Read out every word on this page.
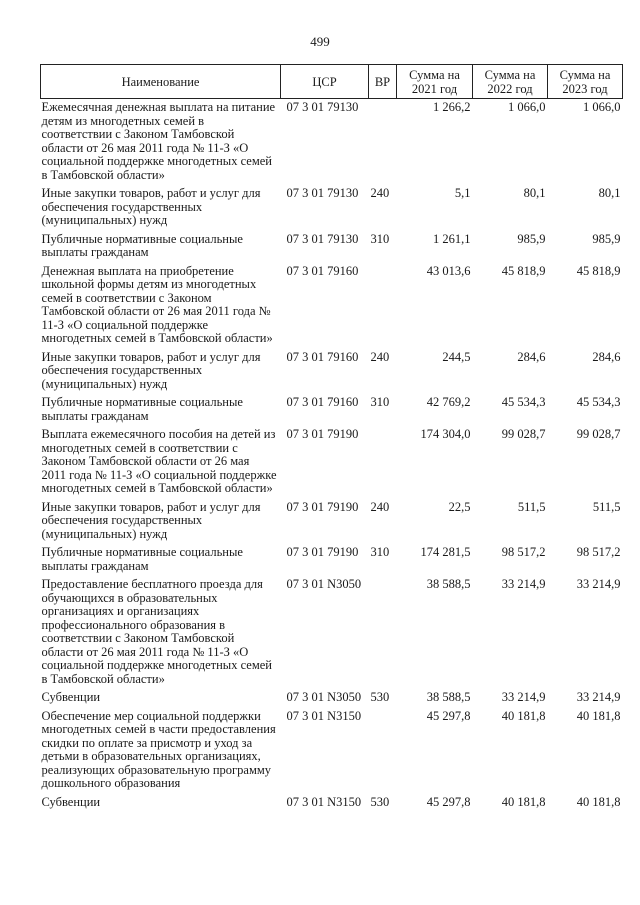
499
Наименование	ЦСР	ВР	Сумма на 2021 год	Сумма на 2022 год	Сумма на 2023 год
Ежемесячная денежная выплата на питание детям из многодетных семей в соответствии с Законом Тамбовской области от 26 мая 2011 года № 11-З «О социальной поддержке многодетных семей в Тамбовской области»	07 3 01 79130		1 266,2	1 066,0	1 066,0
Иные закупки товаров, работ и услуг для обеспечения государственных (муниципальных) нужд	07 3 01 79130	240	5,1	80,1	80,1
Публичные нормативные социальные выплаты гражданам	07 3 01 79130	310	1 261,1	985,9	985,9
Денежная выплата на приобретение школьной формы детям из многодетных семей в соответствии с Законом Тамбовской области от 26 мая 2011 года № 11-З «О социальной поддержке многодетных семей в Тамбовской области»	07 3 01 79160		43 013,6	45 818,9	45 818,9
Иные закупки товаров, работ и услуг для обеспечения государственных (муниципальных) нужд	07 3 01 79160	240	244,5	284,6	284,6
Публичные нормативные социальные выплаты гражданам	07 3 01 79160	310	42 769,2	45 534,3	45 534,3
Выплата ежемесячного пособия на детей из многодетных семей в соответствии с Законом Тамбовской области от 26 мая 2011 года № 11-З «О социальной поддержке многодетных семей в Тамбовской области»	07 3 01 79190		174 304,0	99 028,7	99 028,7
Иные закупки товаров, работ и услуг для обеспечения государственных (муниципальных) нужд	07 3 01 79190	240	22,5	511,5	511,5
Публичные нормативные социальные выплаты гражданам	07 3 01 79190	310	174 281,5	98 517,2	98 517,2
Предоставление бесплатного проезда для обучающихся в образовательных организациях и организациях профессионального образования в соответствии с Законом Тамбовской области от 26 мая 2011 года № 11-З «О социальной поддержке многодетных семей в Тамбовской области»	07 3 01 N3050		38 588,5	33 214,9	33 214,9
Субвенции	07 3 01 N3050	530	38 588,5	33 214,9	33 214,9
Обеспечение мер социальной поддержки многодетных семей в части предоставления скидки по оплате за присмотр и уход за детьми в образовательных организациях, реализующих образовательную программу дошкольного образования	07 3 01 N3150		45 297,8	40 181,8	40 181,8
Субвенции	07 3 01 N3150	530	45 297,8	40 181,8	40 181,8
